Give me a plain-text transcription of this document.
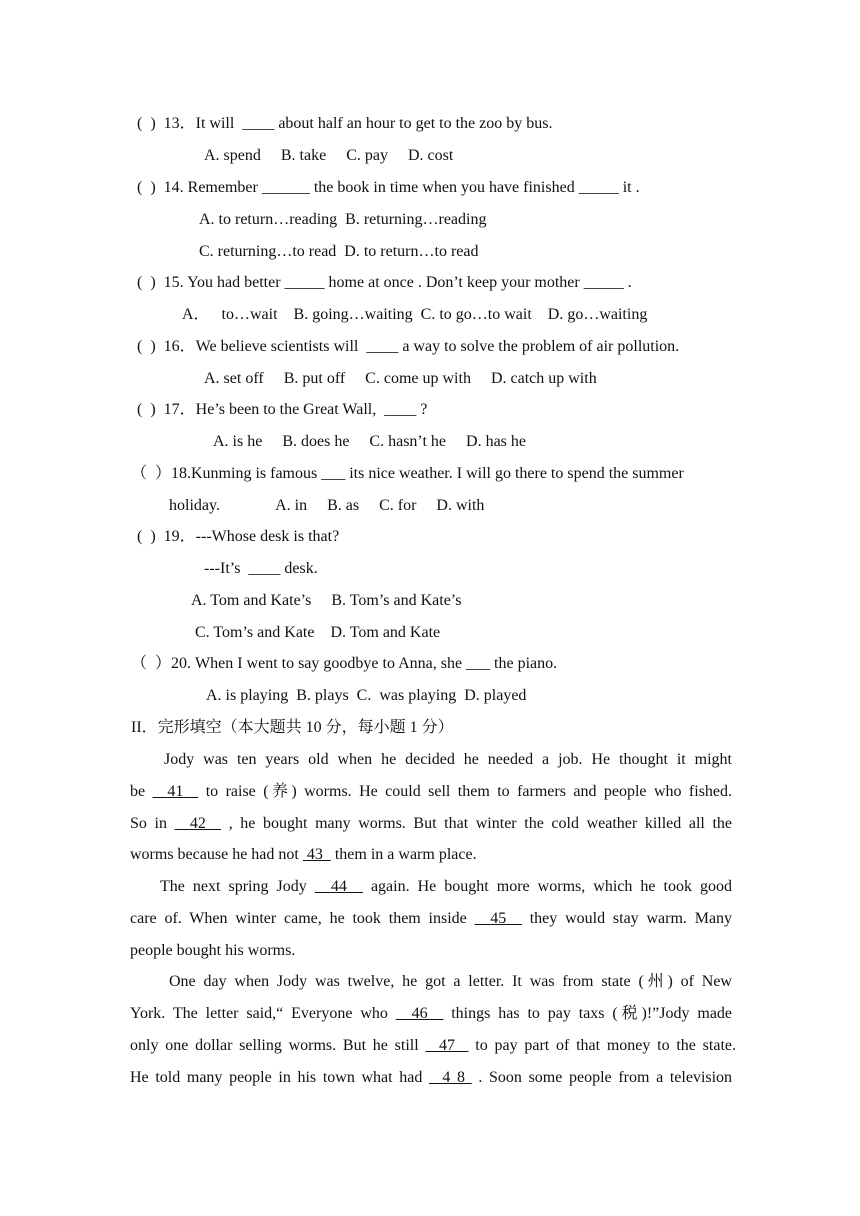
(  )  13．It will  ____ about half an hour to get to the zoo by bus.
A. spend     B. take     C. pay     D. cost
(  )  14. Remember ______ the book in time when you have finished _____ it .
A. to return…reading  B. returning…reading
C. returning…to read  D. to return…to read
(  )  15. You had better _____ home at once . Don’t keep your mother _____ .
A．   to…wait    B. going…waiting  C. to go…to wait    D. go…waiting
(  )  16．We believe scientists will  ____ a way to solve the problem of air pollution.
A. set off     B. put off     C. come up with     D. catch up with
(  )  17．He’s been to the Great Wall,  ____ ?
A. is he     B. does he     C. hasn’t he     D. has he
（  ）18.Kunming is famous ___ its nice weather. I will go there to spend the summer
holiday.              A. in     B. as     C. for     D. with
(  )  19．---Whose desk is that?
---It’s  ____ desk.
A. Tom and Kate’s     B. Tom’s and Kate’s
C. Tom’s and Kate    D. Tom and Kate
（  ）20. When I went to say goodbye to Anna, she ___ the piano.
A. is playing  B. plays  C.  was playing  D. played
II．完形填空（本大题共 10 分，每小题 1 分）
Jody was ten years old when he decided he needed a job. He thought it might
be 41 to raise (养) worms. He could sell them to farmers and people who fished.
So in 42 , he bought many worms. But that winter the cold weather killed all the
worms because he had not 43 them in a warm place.
The next spring Jody 44 again. He bought more worms, which he took good
care of. When winter came, he took them inside 45 they would stay warm. Many
people bought his worms.
One day when Jody was twelve, he got a letter. It was from state (州) of New
York. The letter said,“ Everyone who 46 things has to pay taxs (税)!”Jody made
only one dollar selling worms. But he still 47 to pay part of that money to the state.
He told many people in his town what had 4 8 . Soon some people from a television
